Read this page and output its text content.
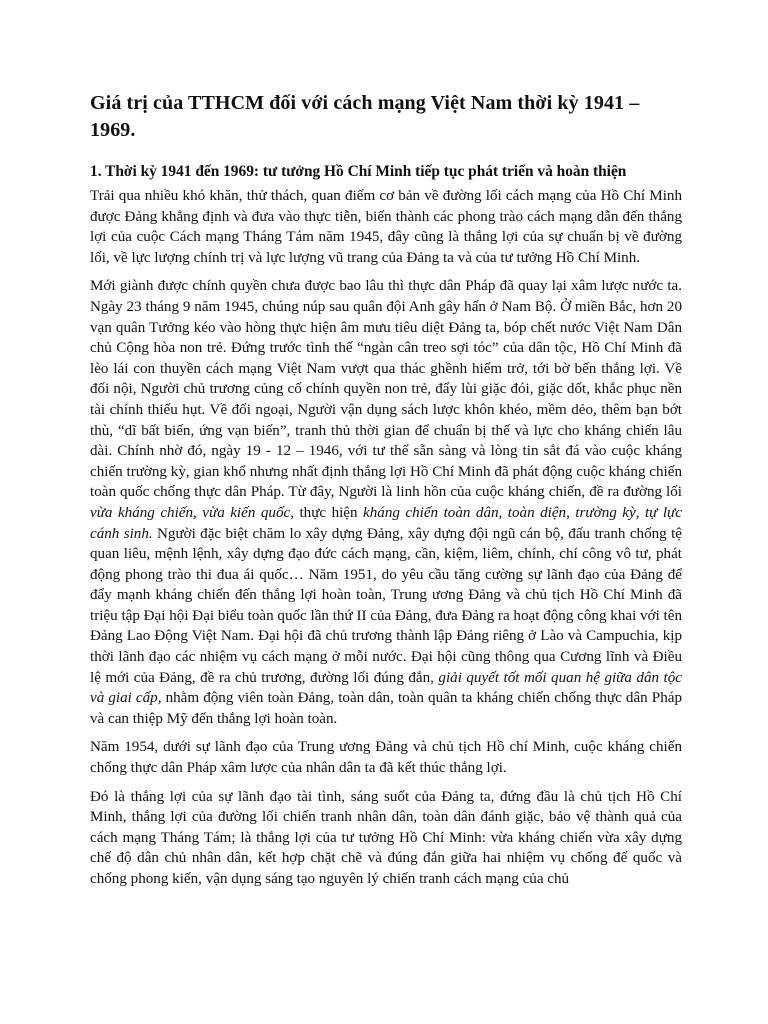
Giá trị của TTHCM đối với cách mạng Việt Nam thời kỳ 1941 – 1969.
1. Thời kỳ 1941 đến 1969: tư tưởng Hồ Chí Minh tiếp tục phát triển và hoàn thiện

Trải qua nhiều khó khăn, thử thách, quan điểm cơ bản về đường lối cách mạng của Hồ Chí Minh được Đảng khẳng định và đưa vào thực tiễn, biến thành các phong trào cách mạng dẫn đến thắng lợi của cuộc Cách mạng Tháng Tám năm 1945, đây cũng là thắng lợi của sự chuẩn bị về đường lối, về lực lượng chính trị và lực lượng vũ trang của Đảng ta và của tư tưởng Hồ Chí Minh.

Mới giành được chính quyền chưa được bao lâu thì thực dân Pháp đã quay lại xâm lược nước ta. Ngày 23 tháng 9 năm 1945, chúng núp sau quân đội Anh gây hấn ở Nam Bộ. Ở miền Bắc, hơn 20 vạn quân Tưởng kéo vào hòng thực hiện âm mưu tiêu diệt Đảng ta, bóp chết nước Việt Nam Dân chủ Cộng hòa non trẻ. Đứng trước tình thế “ngàn cân treo sợi tóc” của dân tộc, Hồ Chí Minh đã lèo lái con thuyền cách mạng Việt Nam vượt qua thác ghềnh hiểm trở, tới bờ bến thắng lợi. Về đối nội, Người chủ trương củng cố chính quyền non trẻ, đẩy lùi giặc đói, giặc dốt, khắc phục nền tài chính thiếu hụt. Về đối ngoại, Người vận dụng sách lược khôn khéo, mềm dẻo, thêm bạn bớt thù, “dĩ bất biến, ứng vạn biến”, tranh thủ thời gian để chuẩn bị thế và lực cho kháng chiến lâu dài. Chính nhờ đó, ngày 19 - 12 – 1946, với tư thế sẵn sàng và lòng tin sắt đá vào cuộc kháng chiến trường kỳ, gian khổ nhưng nhất định thắng lợi Hồ Chí Minh đã phát động cuộc kháng chiến toàn quốc chống thực dân Pháp. Từ đây, Người là linh hồn của cuộc kháng chiến, đề ra đường lối vừa kháng chiến, vừa kiến quốc, thực hiện kháng chiến toàn dân, toàn diện, trường kỳ, tự lực cánh sinh. Người đặc biệt chăm lo xây dựng Đảng, xây dựng đội ngũ cán bộ, đấu tranh chống tệ quan liêu, mệnh lệnh, xây dựng đạo đức cách mạng, cần, kiệm, liêm, chính, chí công vô tư, phát động phong trào thi đua ái quốc… Năm 1951, do yêu cầu tăng cường sự lãnh đạo của Đảng để đẩy mạnh kháng chiến đến thắng lợi hoàn toàn, Trung ương Đảng và chủ tịch Hồ Chí Minh đã triệu tập Đại hội Đại biểu toàn quốc lần thứ II của Đảng, đưa Đảng ra hoạt động công khai với tên Đảng Lao Động Việt Nam. Đại hội đã chủ trương thành lập Đảng riêng ở Lào và Campuchia, kịp thời lãnh đạo các nhiệm vụ cách mạng ở mỗi nước. Đại hội cũng thông qua Cương lĩnh và Điều lệ mới của Đảng, đề ra chủ trương, đường lối đúng đắn, giải quyết tốt mối quan hệ giữa dân tộc và giai cấp, nhằm động viên toàn Đảng, toàn dân, toàn quân ta kháng chiến chống thực dân Pháp và can thiệp Mỹ đến thắng lợi hoàn toàn.

Năm 1954, dưới sự lãnh đạo của Trung ương Đảng và chủ tịch Hồ chí Minh, cuộc kháng chiến chống thực dân Pháp xâm lược của nhân dân ta đã kết thúc thắng lợi.

Đó là thắng lợi của sự lãnh đạo tài tình, sáng suốt của Đảng ta, đứng đầu là chủ tịch Hồ Chí Minh, thắng lợi của đường lối chiến tranh nhân dân, toàn dân đánh giặc, bảo vệ thành quả của cách mạng Tháng Tám; là thắng lợi của tư tưởng Hồ Chí Minh: vừa kháng chiến vừa xây dựng chế độ dân chủ nhân dân, kết hợp chặt chẽ và đúng đắn giữa hai nhiệm vụ chống đế quốc và chống phong kiến, vận dụng sáng tạo nguyên lý chiến tranh cách mạng của chủ
